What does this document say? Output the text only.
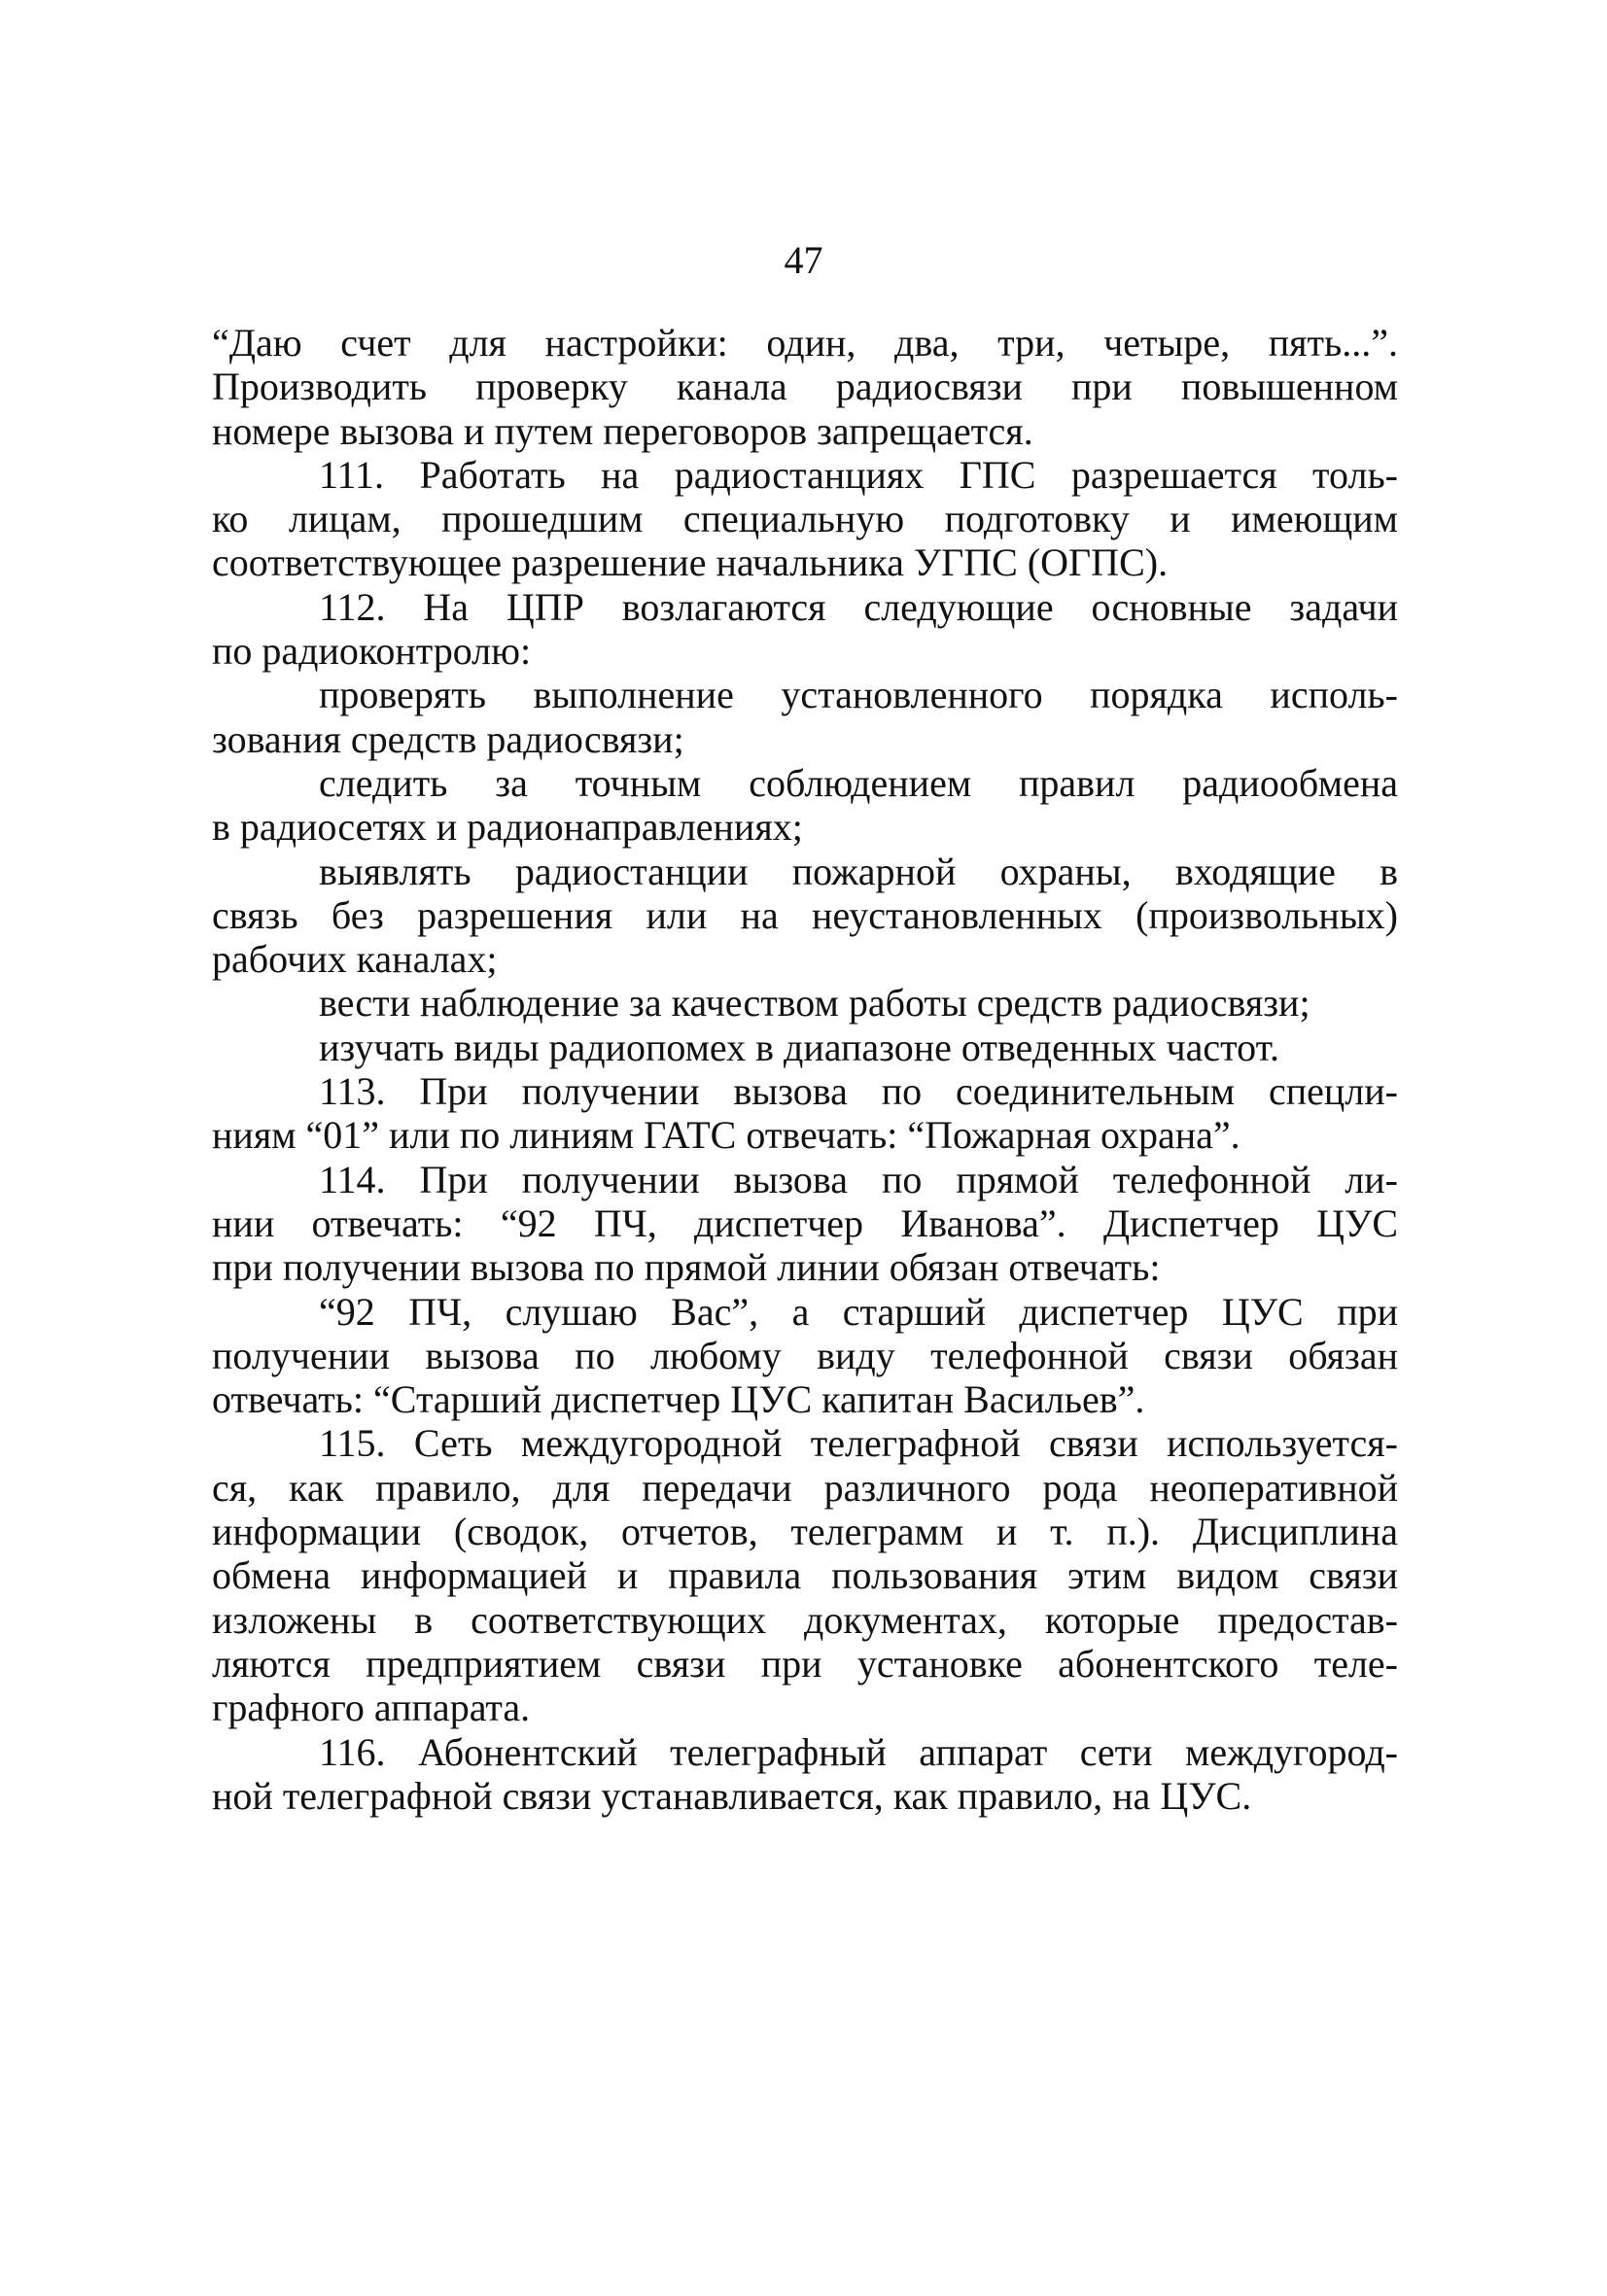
47
“Даю счет для настройки: один, два, три, четыре, пять...”.
Производить проверку канала радиосвязи при повышенном
номере вызова и путем переговоров запрещается.
111. Работать на радиостанциях ГПС разрешается толь-
ко лицам, прошедшим специальную подготовку и имеющим
соответствующее разрешение начальника УГПС (ОГПС).
112. На ЦПР возлагаются следующие основные задачи
по радиоконтролю:
проверять выполнение установленного порядка исполь-
зования средств радиосвязи;
следить за точным соблюдением правил радиообмена
в радиосетях и радионаправлениях;
выявлять радиостанции пожарной охраны, входящие в
связь без разрешения или на неустановленных (произвольных)
рабочих каналах;
вести наблюдение за качеством работы средств радиосвязи;
изучать виды радиопомех в диапазоне отведенных частот.
113. При получении вызова по соединительным спецли-
ниям “01” или по линиям ГАТС отвечать: “Пожарная охрана”.
114. При получении вызова по прямой телефонной ли-
нии отвечать: “92 ПЧ, диспетчер Иванова”. Диспетчер ЦУС
при получении вызова по прямой линии обязан отвечать:
“92 ПЧ, слушаю Вас”, а старший диспетчер ЦУС при
получении вызова по любому виду телефонной связи обязан
отвечать: “Старший диспетчер ЦУС капитан Васильев”.
115. Сеть междугородной телеграфной связи используется-
ся, как правило, для передачи различного рода неоперативной
информации (сводок, отчетов, телеграмм и т. п.). Дисциплина
обмена информацией и правила пользования этим видом связи
изложены в соответствующих документах, которые предостав-
ляются предприятием связи при установке абонентского теле-
графного аппарата.
116. Абонентский телеграфный аппарат сети междугород-
ной телеграфной связи устанавливается, как правило, на ЦУС.
